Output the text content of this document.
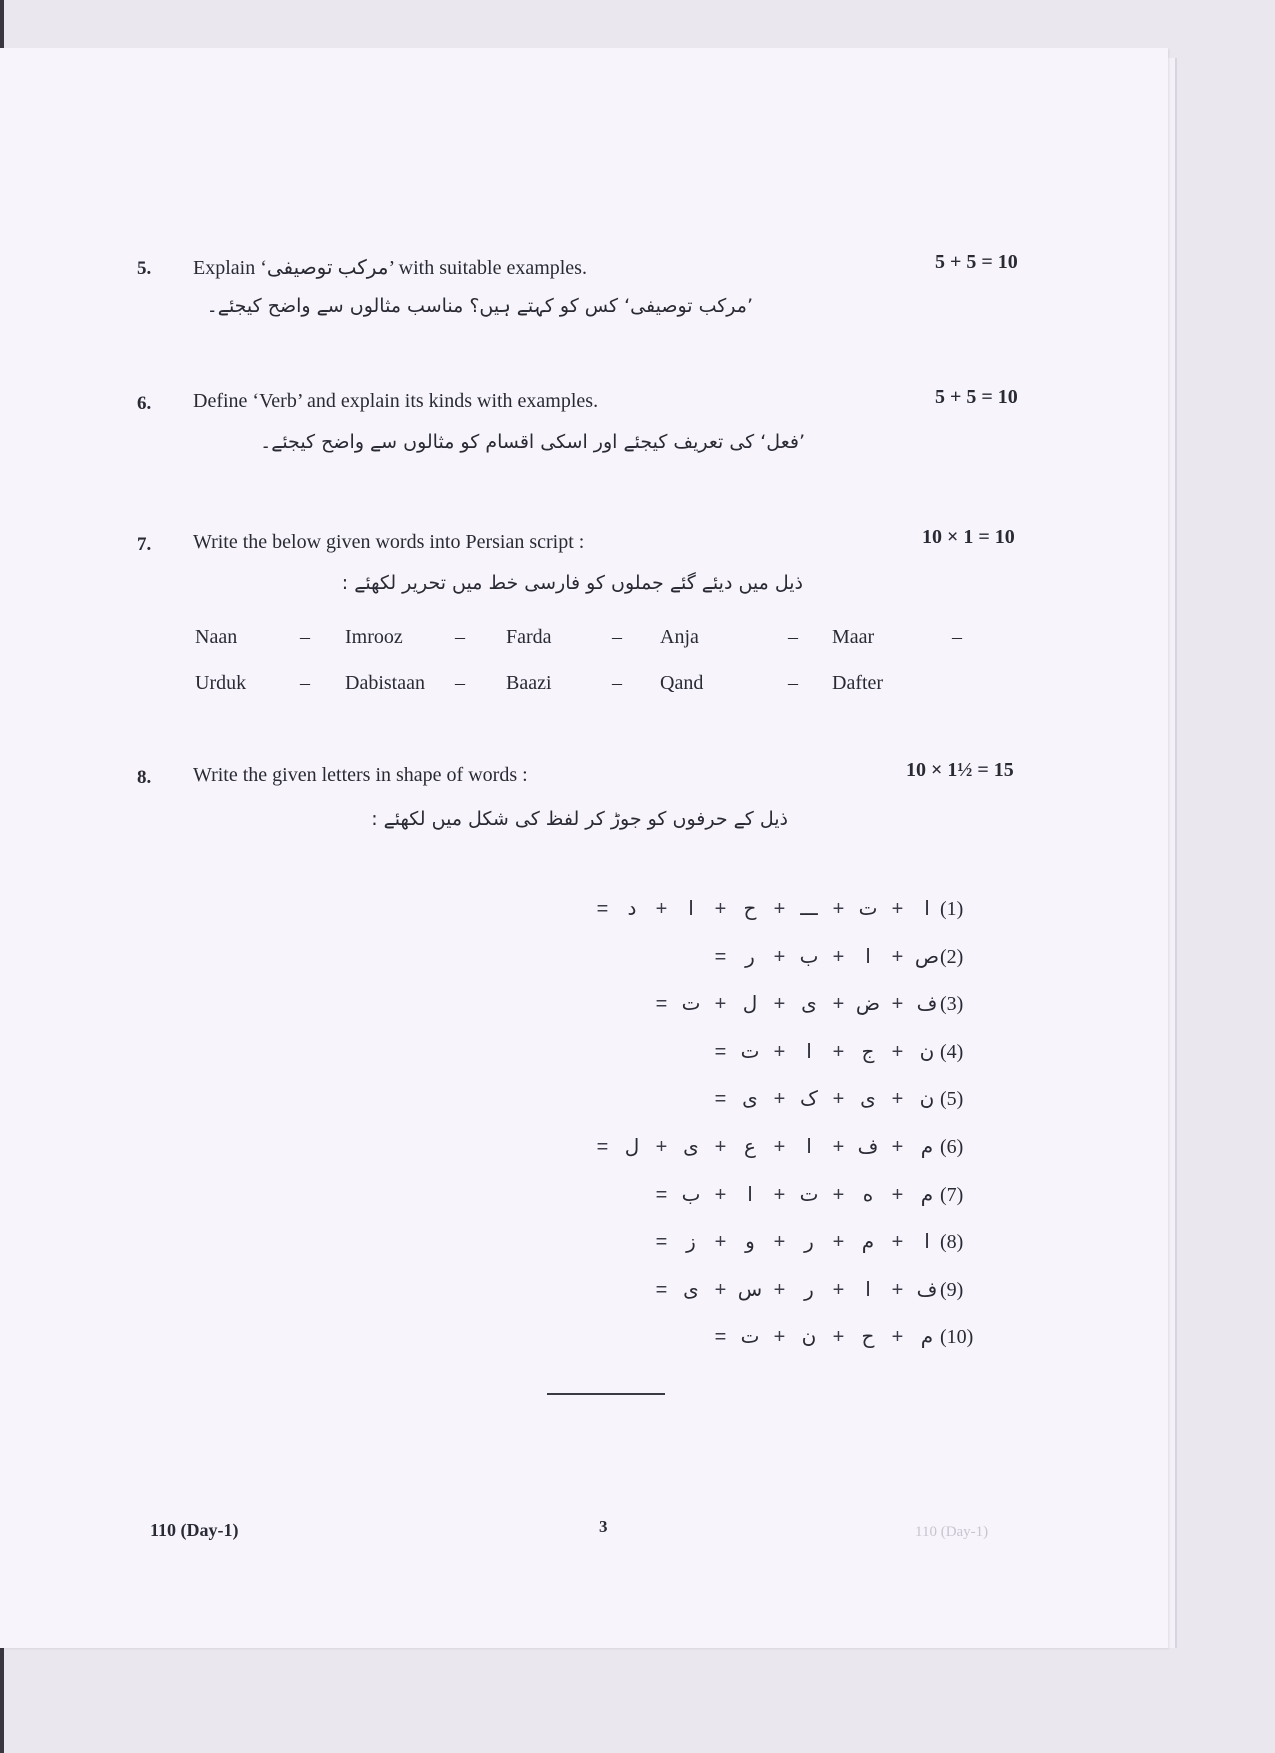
5. Explain ‘مرکب توصیفی’ with suitable examples.	5 + 5 = 10
’مرکب توصیفی‘ کس کو کہتے ہیں؟ مناسب مثالوں سے واضح کیجئے۔
6. Define ‘Verb’ and explain its kinds with examples.	5 + 5 = 10
’فعل‘ کی تعریف کیجئے اور اسکی اقسام کو مثالوں سے واضح کیجئے۔
7. Write the below given words into Persian script :	10 × 1 = 10
ذیل میں دیئے گئے جملوں کو فارسی خط میں تحریر لکھئے :
Naan	– Imrooz	– Farda	– Anja	– Maar	–
Urduk	– Dabistaan – Baazi	– Qand	– Dafter
8. Write the given letters in shape of words :	10 × 1½ = 15
ذیل کے حرفوں کو جوڑ کر لفظ کی شکل میں لکھئے :
(1)ا+ت+ـــ+ح+ا+د=
(2)ص+ا+ب+ر=
(3)ف+ض+ی+ل+ت=
(4)ن+ج+ا+ت=
(5)ن+ی+ک+ی=
(6)م+ف+ا+ع+ی+ل=
(7)م+ه+ت+ا+ب=
(8)ا+م+ر+و+ز=
(9)ف+ا+ر+س+ی=
(10)م+ح+ن+ت=
110 (Day-1)	3	110 (Day-1)
